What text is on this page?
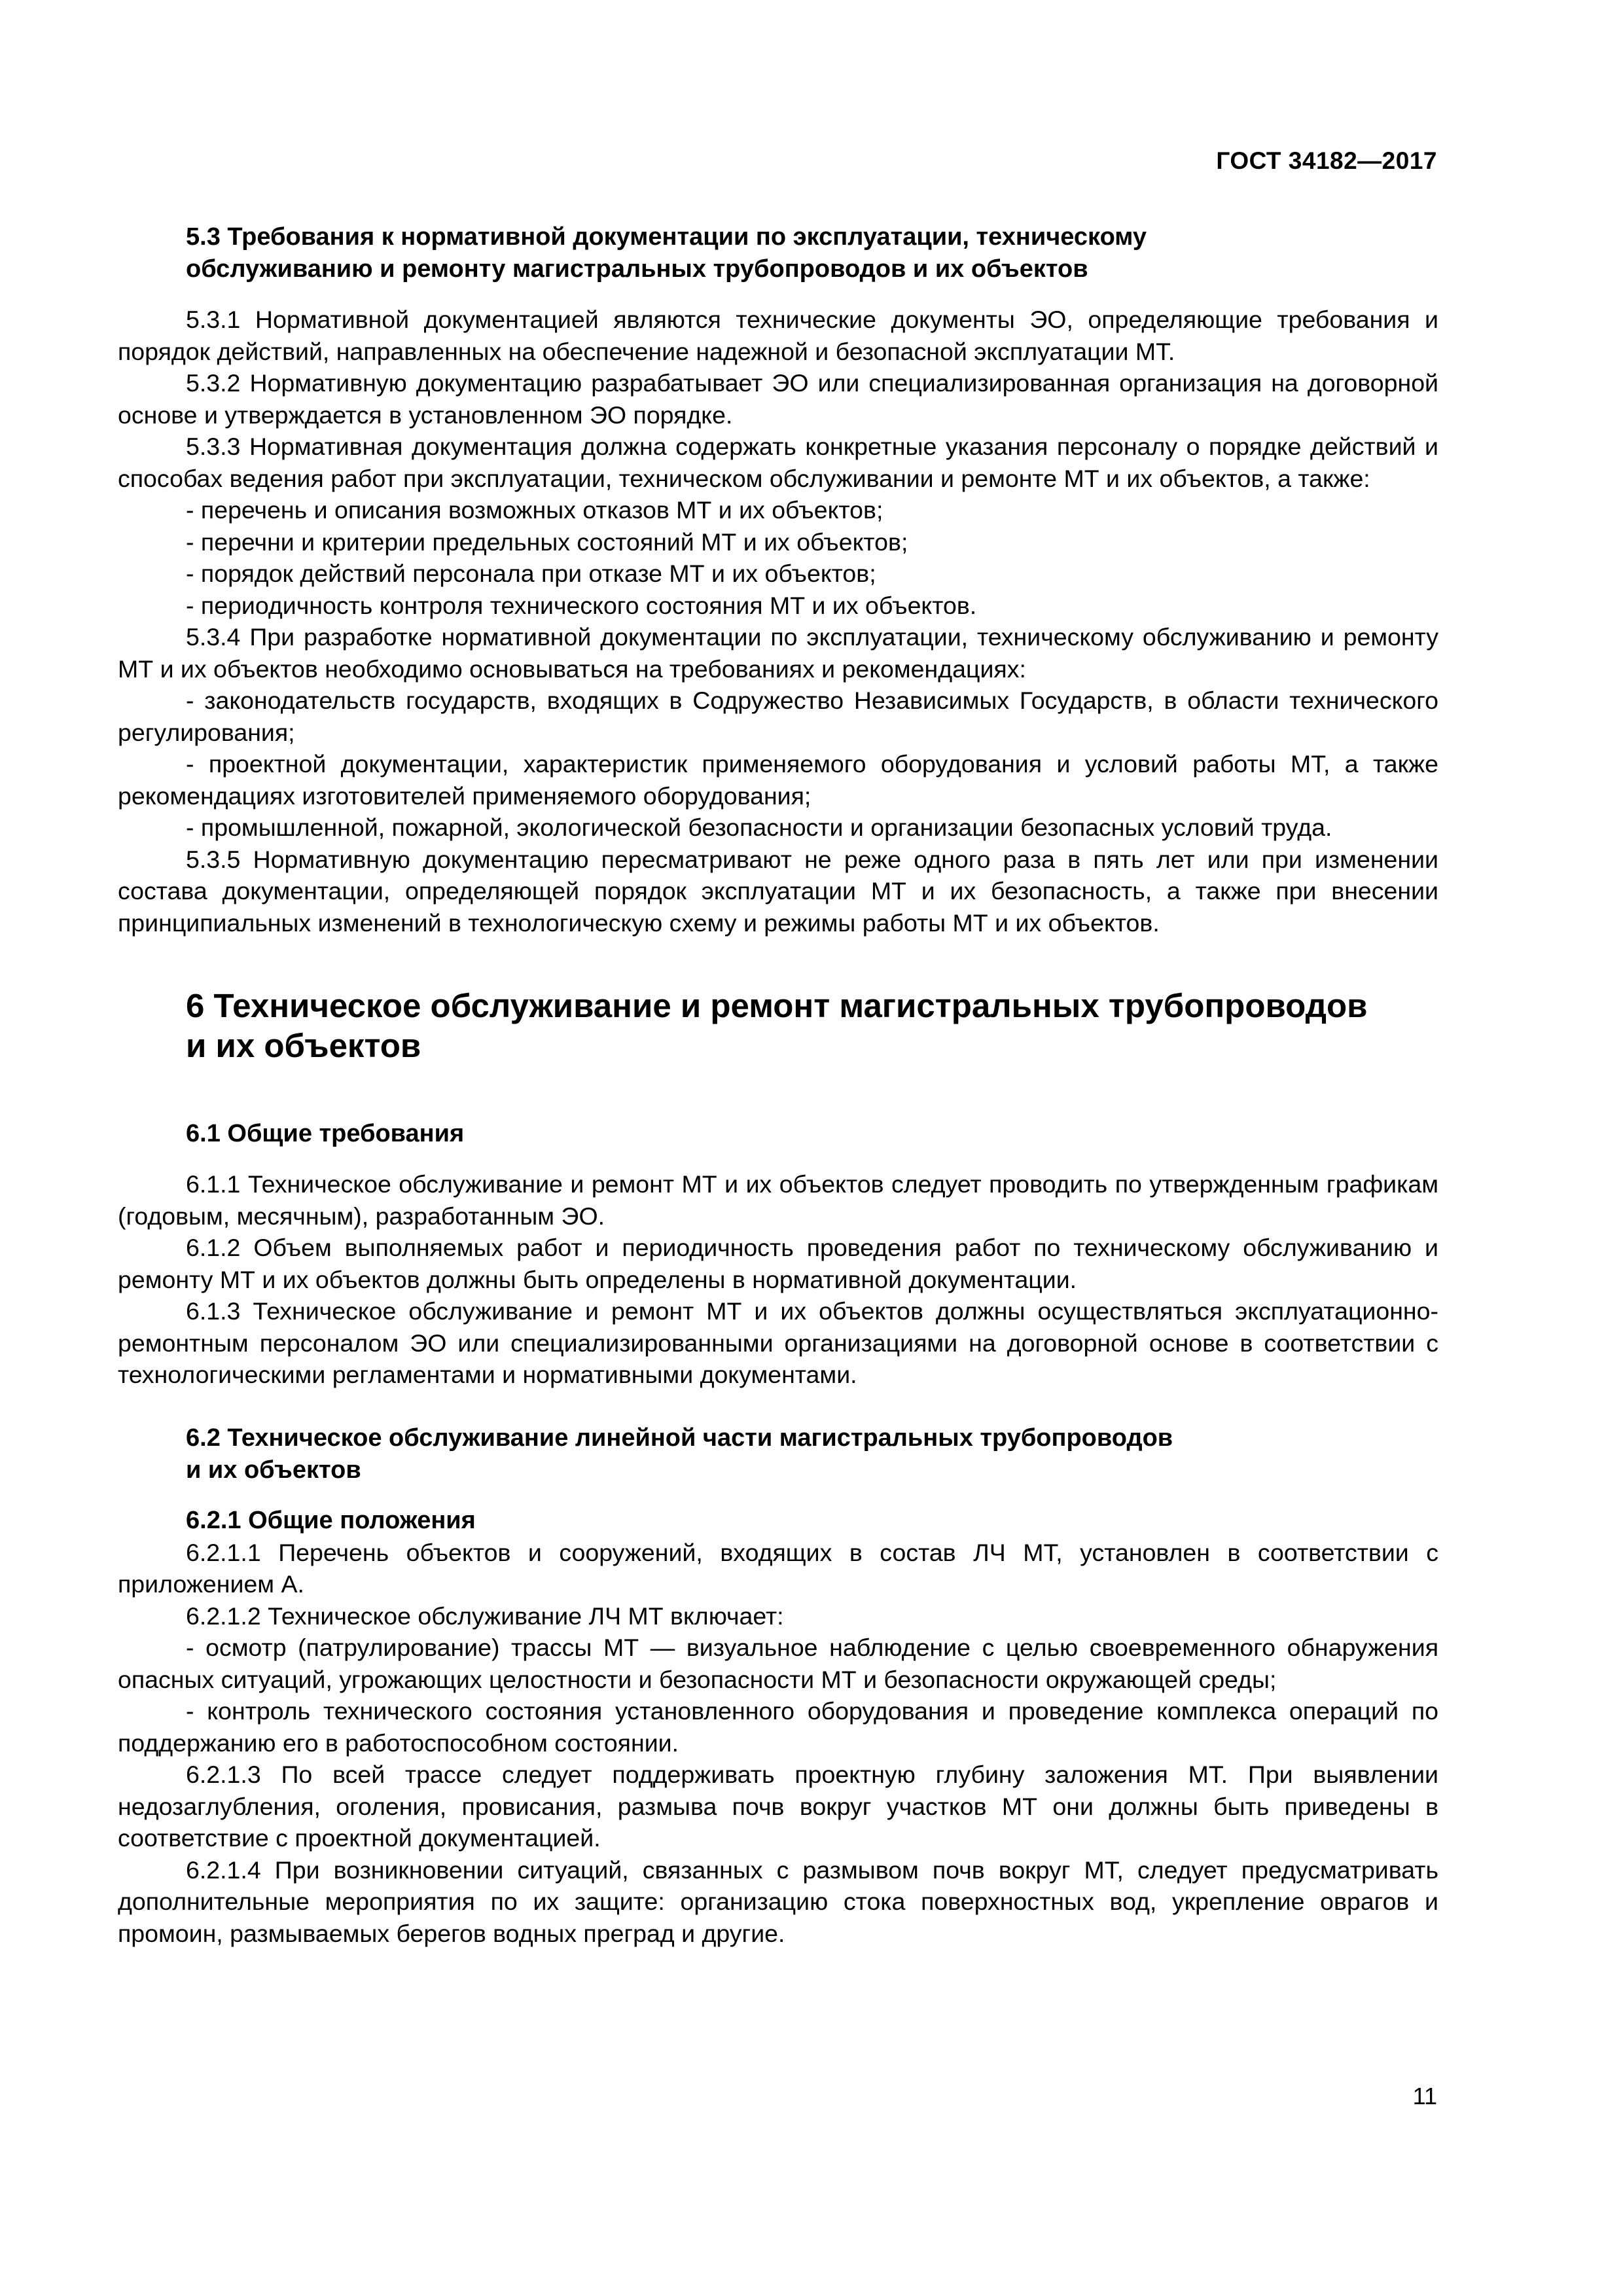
ГОСТ 34182—2017
5.3 Требования к нормативной документации по эксплуатации, техническому
обслуживанию и ремонту магистральных трубопроводов и их объектов

5.3.1 Нормативной документацией являются технические документы ЭО, определяющие требования и порядок действий, направленных на обеспечение надежной и безопасной эксплуатации МТ.

5.3.2 Нормативную документацию разрабатывает ЭО или специализированная организация на договорной основе и утверждается в установленном ЭО порядке.

5.3.3 Нормативная документация должна содержать конкретные указания персоналу о порядке действий и способах ведения работ при эксплуатации, техническом обслуживании и ремонте МТ и их объектов, а также:

- перечень и описания возможных отказов МТ и их объектов;

- перечни и критерии предельных состояний МТ и их объектов;

- порядок действий персонала при отказе МТ и их объектов;

- периодичность контроля технического состояния МТ и их объектов.

5.3.4 При разработке нормативной документации по эксплуатации, техническому обслуживанию и ремонту МТ и их объектов необходимо основываться на требованиях и рекомендациях:

- законодательств государств, входящих в Содружество Независимых Государств, в области технического регулирования;

- проектной документации, характеристик применяемого оборудования и условий работы МТ, а также рекомендациях изготовителей применяемого оборудования;

- промышленной, пожарной, экологической безопасности и организации безопасных условий труда.

5.3.5 Нормативную документацию пересматривают не реже одного раза в пять лет или при изменении состава документации, определяющей порядок эксплуатации МТ и их безопасность, а также при внесении принципиальных изменений в технологическую схему и режимы работы МТ и их объектов.

6 Техническое обслуживание и ремонт магистральных трубопроводов
и их объектов
6.1 Общие требования

6.1.1 Техническое обслуживание и ремонт МТ и их объектов следует проводить по утвержденным графикам (годовым, месячным), разработанным ЭО.

6.1.2 Объем выполняемых работ и периодичность проведения работ по техническому обслуживанию и ремонту МТ и их объектов должны быть определены в нормативной документации.

6.1.3 Техническое обслуживание и ремонт МТ и их объектов должны осуществляться эксплуатационно-ремонтным персоналом ЭО или специализированными организациями на договорной основе в соответствии с технологическими регламентами и нормативными документами.

6.2 Техническое обслуживание линейной части магистральных трубопроводов
и их объектов
6.2.1 Общие положения

6.2.1.1 Перечень объектов и сооружений, входящих в состав ЛЧ МТ, установлен в соответствии с приложением А.

6.2.1.2 Техническое обслуживание ЛЧ МТ включает:

- осмотр (патрулирование) трассы МТ — визуальное наблюдение с целью своевременного обнаружения опасных ситуаций, угрожающих целостности и безопасности МТ и безопасности окружающей среды;

- контроль технического состояния установленного оборудования и проведение комплекса операций по поддержанию его в работоспособном состоянии.

6.2.1.3 По всей трассе следует поддерживать проектную глубину заложения МТ. При выявлении недозаглубления, оголения, провисания, размыва почв вокруг участков МТ они должны быть приведены в соответствие с проектной документацией.

6.2.1.4 При возникновении ситуаций, связанных с размывом почв вокруг МТ, следует предусматривать дополнительные мероприятия по их защите: организацию стока поверхностных вод, укрепление оврагов и промоин, размываемых берегов водных преград и другие.

11
